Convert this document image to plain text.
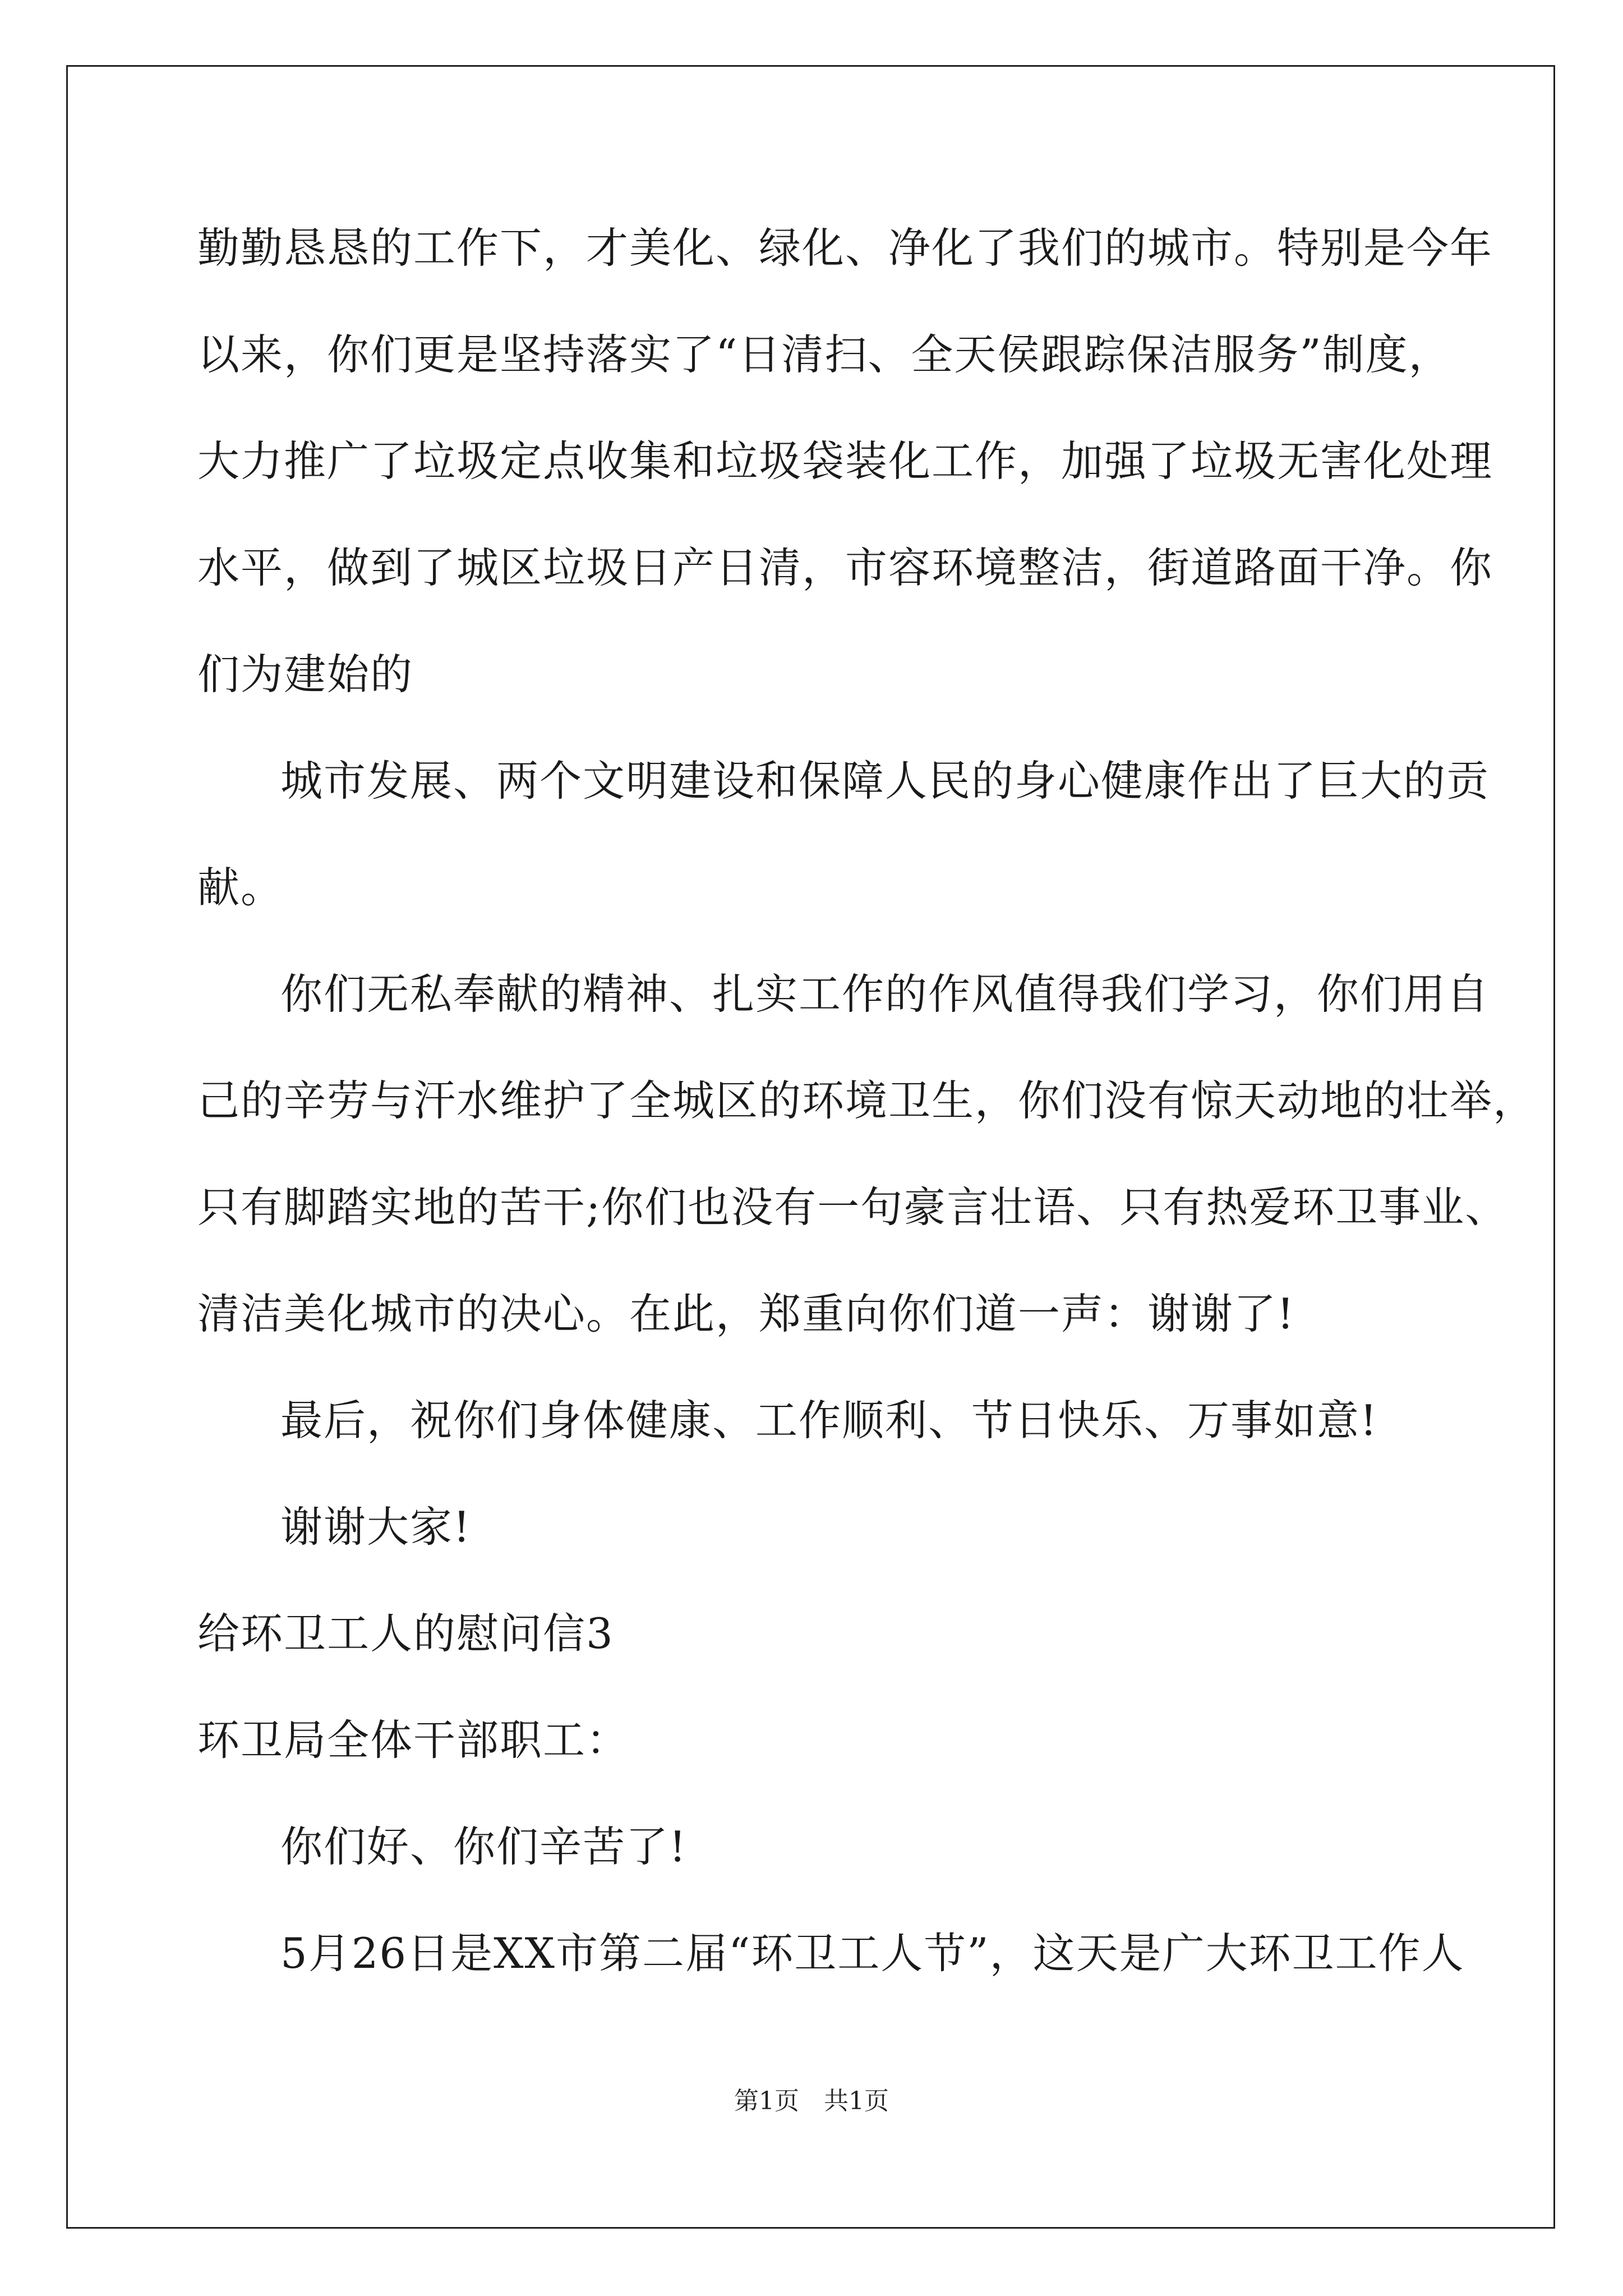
勤勤恳恳的工作下，才美化、绿化、净化了我们的城市。特别是今年
以来，你们更是坚持落实了“日清扫、全天侯跟踪保洁服务”制度，
大力推广了垃圾定点收集和垃圾袋装化工作，加强了垃圾无害化处理
水平，做到了城区垃圾日产日清，市容环境整洁，街道路面干净。你
们为建始的
城市发展、两个文明建设和保障人民的身心健康作出了巨大的贡
献。
你们无私奉献的精神、扎实工作的作风值得我们学习，你们用自
己的辛劳与汗水维护了全城区的环境卫生，你们没有惊天动地的壮举，
只有脚踏实地的苦干;你们也没有一句豪言壮语、只有热爱环卫事业、
清洁美化城市的决心。在此，郑重向你们道一声：谢谢了!
最后，祝你们身体健康、工作顺利、节日快乐、万事如意!
谢谢大家!
给环卫工人的慰问信3
环卫局全体干部职工：
你们好、你们辛苦了!
5月26日是XX市第二届“环卫工人节”，这天是广大环卫工作人
第1页　共1页
